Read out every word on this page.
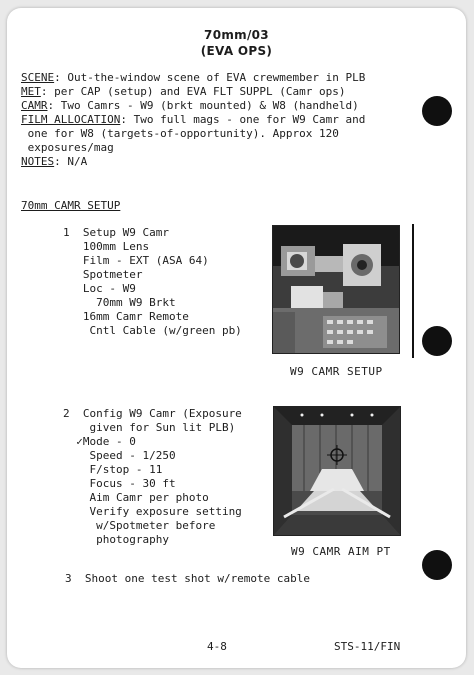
70mm/03
(EVA OPS)
SCENE: Out-the-window scene of EVA crewmember in PLB
MET: per CAP (setup) and EVA FLT SUPPL (Camr ops)
CAMR: Two Camrs - W9 (brkt mounted) & W8 (handheld)
FILM ALLOCATION: Two full mags - one for W9 Camr and
one for W8 (targets-of-opportunity). Approx 120
exposures/mag
NOTES: N/A
70mm CAMR SETUP
1  Setup W9 Camr
100mm Lens
Film - EXT (ASA 64)
Spotmeter
Loc - W9
70mm W9 Brkt
16mm Camr Remote
Cntl Cable (w/green pb)
W9 CAMR SETUP
2  Config W9 Camr (Exposure
given for Sun lit PLB)
✓Mode - 0
Speed - 1/250
F/stop - 11
Focus - 30 ft
Aim Camr per photo
Verify exposure setting
w/Spotmeter before
photography
W9 CAMR AIM PT
3  Shoot one test shot w/remote cable
4-8	STS-11/FIN
